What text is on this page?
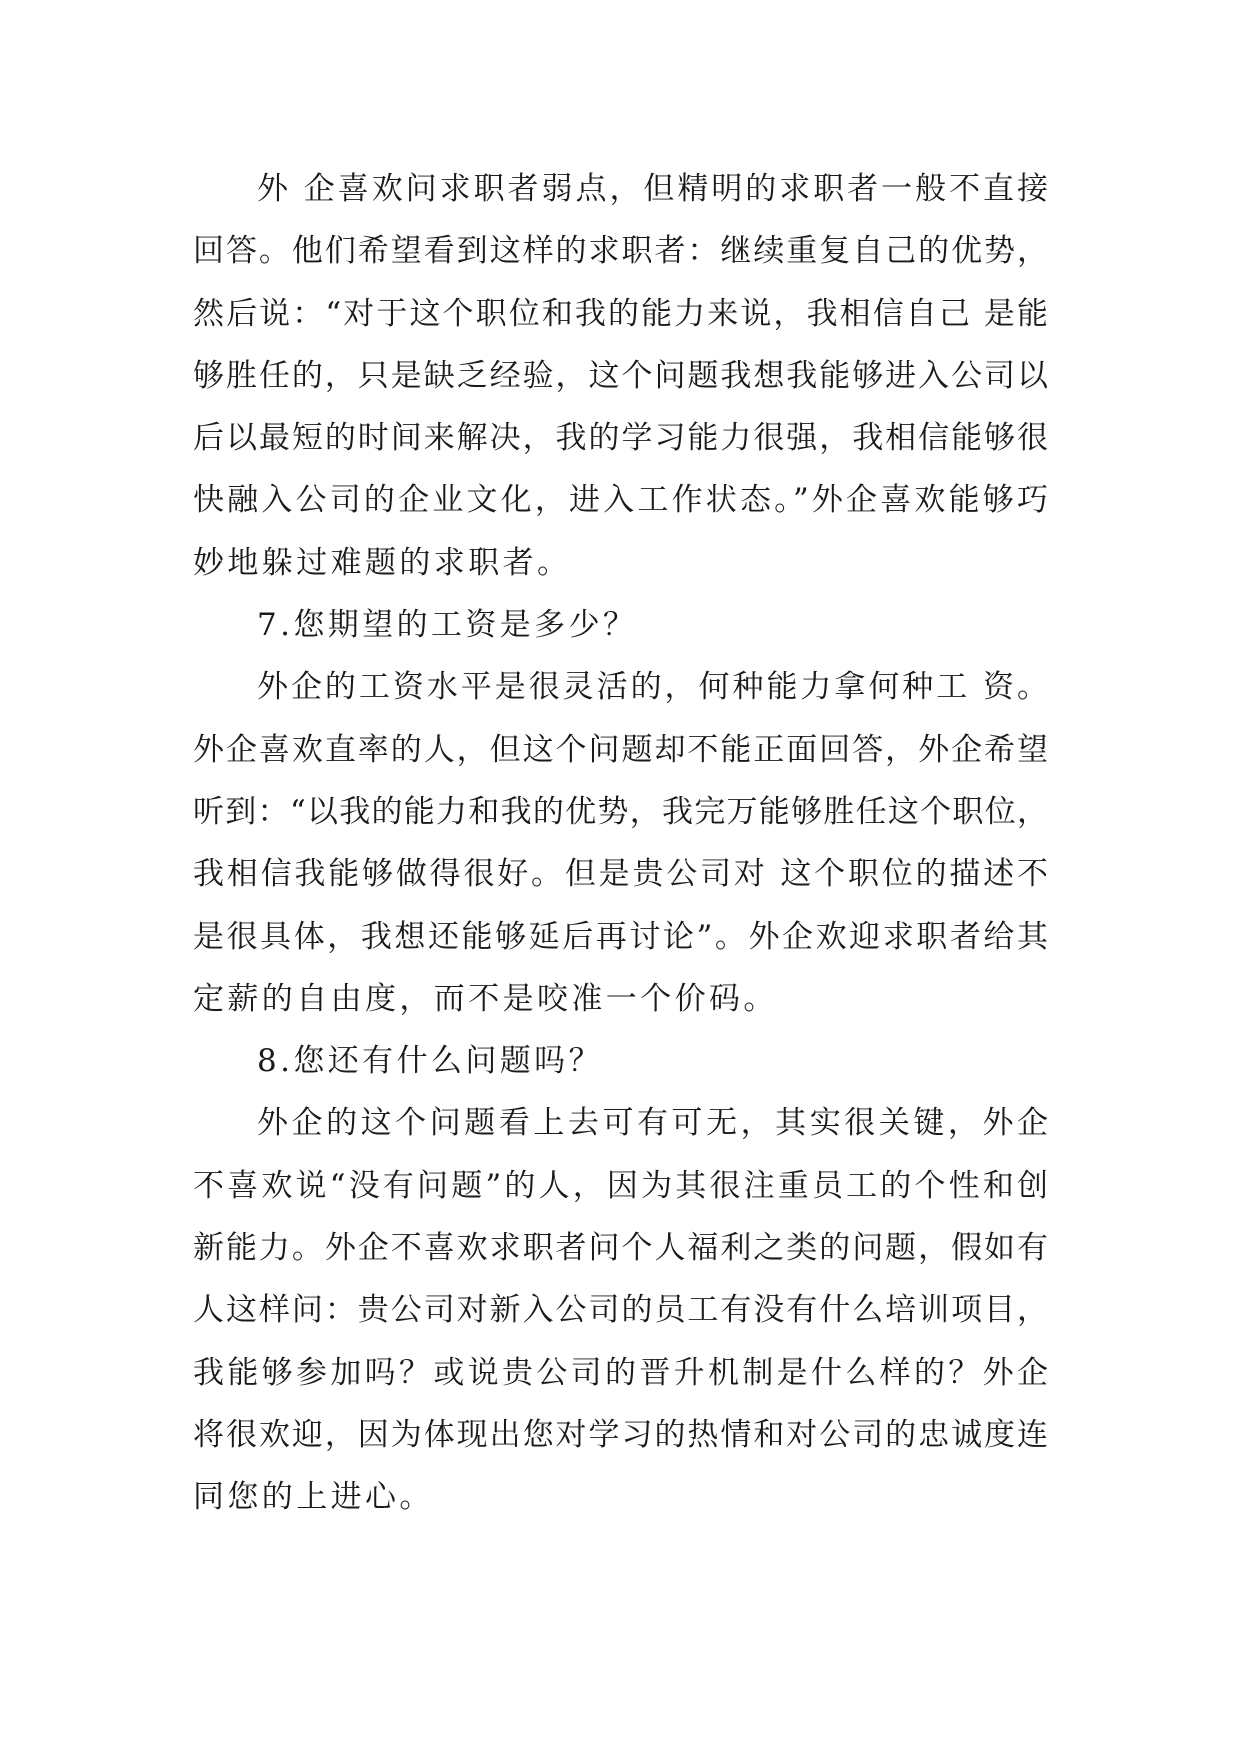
外 企喜欢问求职者弱点，但精明的求职者一般不直接
回答。他们希望看到这样的求职者：继续重复自己的优势，
然后说：“对于这个职位和我的能力来说，我相信自己 是能
够胜任的，只是缺乏经验，这个问题我想我能够进入公司以
后以最短的时间来解决，我的学习能力很强，我相信能够很
快融入公司的企业文化，进入工作状态。”外企喜欢能够巧
妙地躲过难题的求职者。
7.您期望的工资是多少？
外企的工资水平是很灵活的，何种能力拿何种工 资。
外企喜欢直率的人，但这个问题却不能正面回答，外企希望
听到：“以我的能力和我的优势，我完万能够胜任这个职位，
我相信我能够做得很好。但是贵公司对 这个职位的描述不
是很具体，我想还能够延后再讨论”。外企欢迎求职者给其
定薪的自由度，而不是咬准一个价码。
8.您还有什么问题吗？
外企的这个问题看上去可有可无，其实很关键，外企
不喜欢说“没有问题”的人，因为其很注重员工的个性和创
新能力。外企不喜欢求职者问个人福利之类的问题，假如有
人这样问：贵公司对新入公司的员工有没有什么培训项目，
我能够参加吗？或说贵公司的晋升机制是什么样的？外企
将很欢迎，因为体现出您对学习的热情和对公司的忠诚度连
同您的上进心。
